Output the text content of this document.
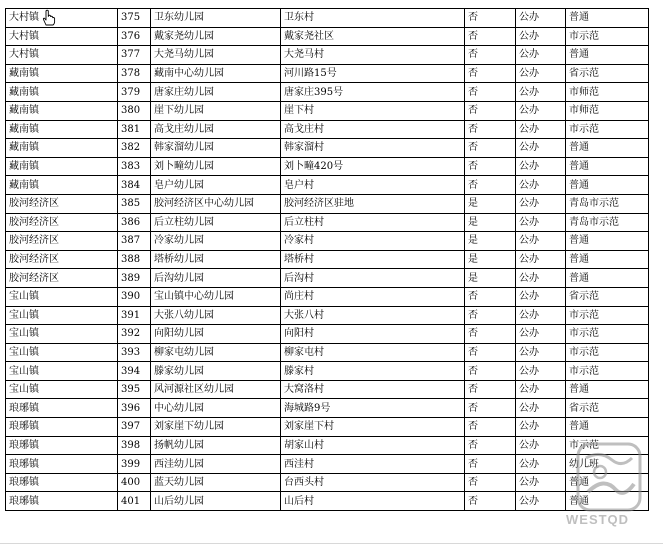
大村镇	375	卫东幼儿园	卫东村	否	公办	普通
大村镇	376	戴家尧幼儿园	戴家尧社区	否	公办	市示范
大村镇	377	大尧马幼儿园	大尧马村	否	公办	普通
藏南镇	378	藏南中心幼儿园	河川路15号	否	公办	省示范
藏南镇	379	唐家庄幼儿园	唐家庄395号	否	公办	市师范
藏南镇	380	崖下幼儿园	崖下村	否	公办	市师范
藏南镇	381	高戈庄幼儿园	高戈庄村	否	公办	市示范
藏南镇	382	韩家溜幼儿园	韩家溜村	否	公办	普通
藏南镇	383	刘卜疃幼儿园	刘卜疃420号	否	公办	普通
藏南镇	384	皂户幼儿园	皂户村	否	公办	普通
胶河经济区	385	胶河经济区中心幼儿园	胶河经济区驻地	是	公办	青岛市示范
胶河经济区	386	后立柱幼儿园	后立柱村	是	公办	青岛市示范
胶河经济区	387	冷家幼儿园	冷家村	是	公办	普通
胶河经济区	388	塔桥幼儿园	塔桥村	是	公办	普通
胶河经济区	389	后沟幼儿园	后沟村	是	公办	普通
宝山镇	390	宝山镇中心幼儿园	尚庄村	否	公办	省示范
宝山镇	391	大张八幼儿园	大张八村	否	公办	市示范
宝山镇	392	向阳幼儿园	向阳村	否	公办	市示范
宝山镇	393	柳家屯幼儿园	柳家屯村	否	公办	市示范
宝山镇	394	滕家幼儿园	滕家村	否	公办	市示范
宝山镇	395	风河源社区幼儿园	大窝洛村	否	公办	普通
琅琊镇	396	中心幼儿园	海城路9号	否	公办	省示范
琅琊镇	397	刘家崖下幼儿园	刘家崖下村	否	公办	普通
琅琊镇	398	扬帆幼儿园	胡家山村	否	公办	市示范
琅琊镇	399	西洼幼儿园	西洼村	否	公办	幼儿班
琅琊镇	400	蓝天幼儿园	台西头村	否	公办	普通
琅琊镇	401	山后幼儿园	山后村	否	公办	普通
WESTQD
